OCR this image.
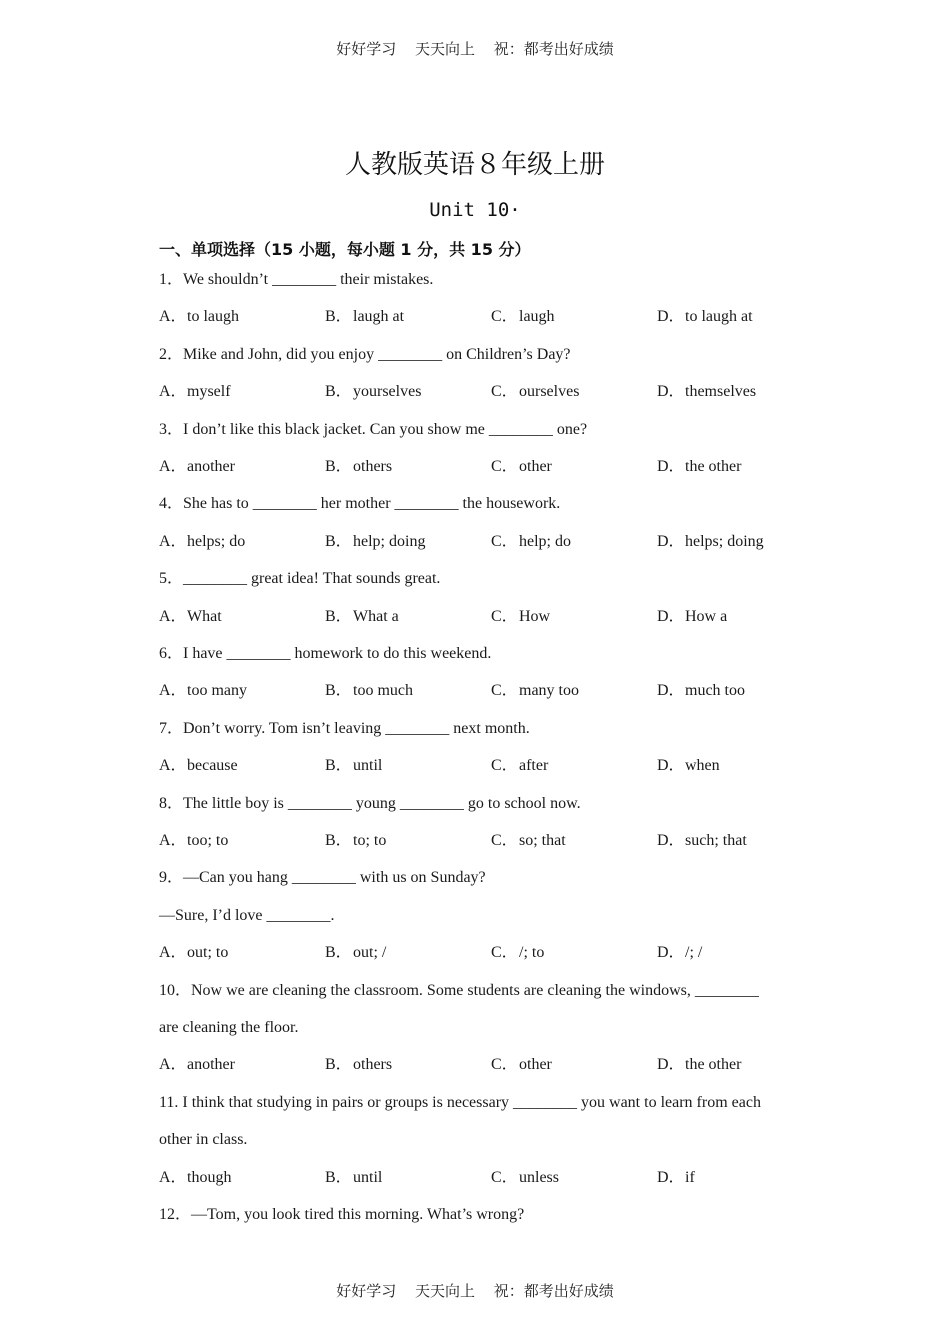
好好学习 天天向上 祝：都考出好成绩
人教版英语８年级上册
Unit 10·
一、单项选择（15 小题，每小题 1 分，共 15 分）
1．We shouldn’t ________ their mistakes.
A．to laugh	B．laugh at	C．laugh	D．to laugh at
2．Mike and John, did you enjoy ________ on Children’s Day?
A．myself	B．yourselves	C．ourselves	D．themselves
3．I don’t like this black jacket. Can you show me ________ one?
A．another	B．others	C．other	D．the other
4．She has to ________ her mother ________ the housework.
A．helps; do	B．help; doing	C．help; do	D．helps; doing
5．________ great idea! That sounds great.
A．What	B．What a	C．How	D．How a
6．I have ________ homework to do this weekend.
A．too many	B．too much	C．many too	D．much too
7．Don’t worry. Tom isn’t leaving ________ next month.
A．because	B．until	C．after	D．when
8．The little boy is ________ young ________ go to school now.
A．too; to	B．to; to	C．so; that	D．such; that
9．—Can you hang ________ with us on Sunday?
—Sure, I’d love ________.
A．out; to	B．out; /	C．/; to	D．/; /
10．Now we are cleaning the classroom. Some students are cleaning the windows, ________
are cleaning the floor.
A．another	B．others	C．other	D．the other
11. I think that studying in pairs or groups is necessary ________ you want to learn from each
other in class.
A．though	B．until	C．unless	D．if
12．—Tom, you look tired this morning. What’s wrong?
好好学习 天天向上 祝：都考出好成绩
